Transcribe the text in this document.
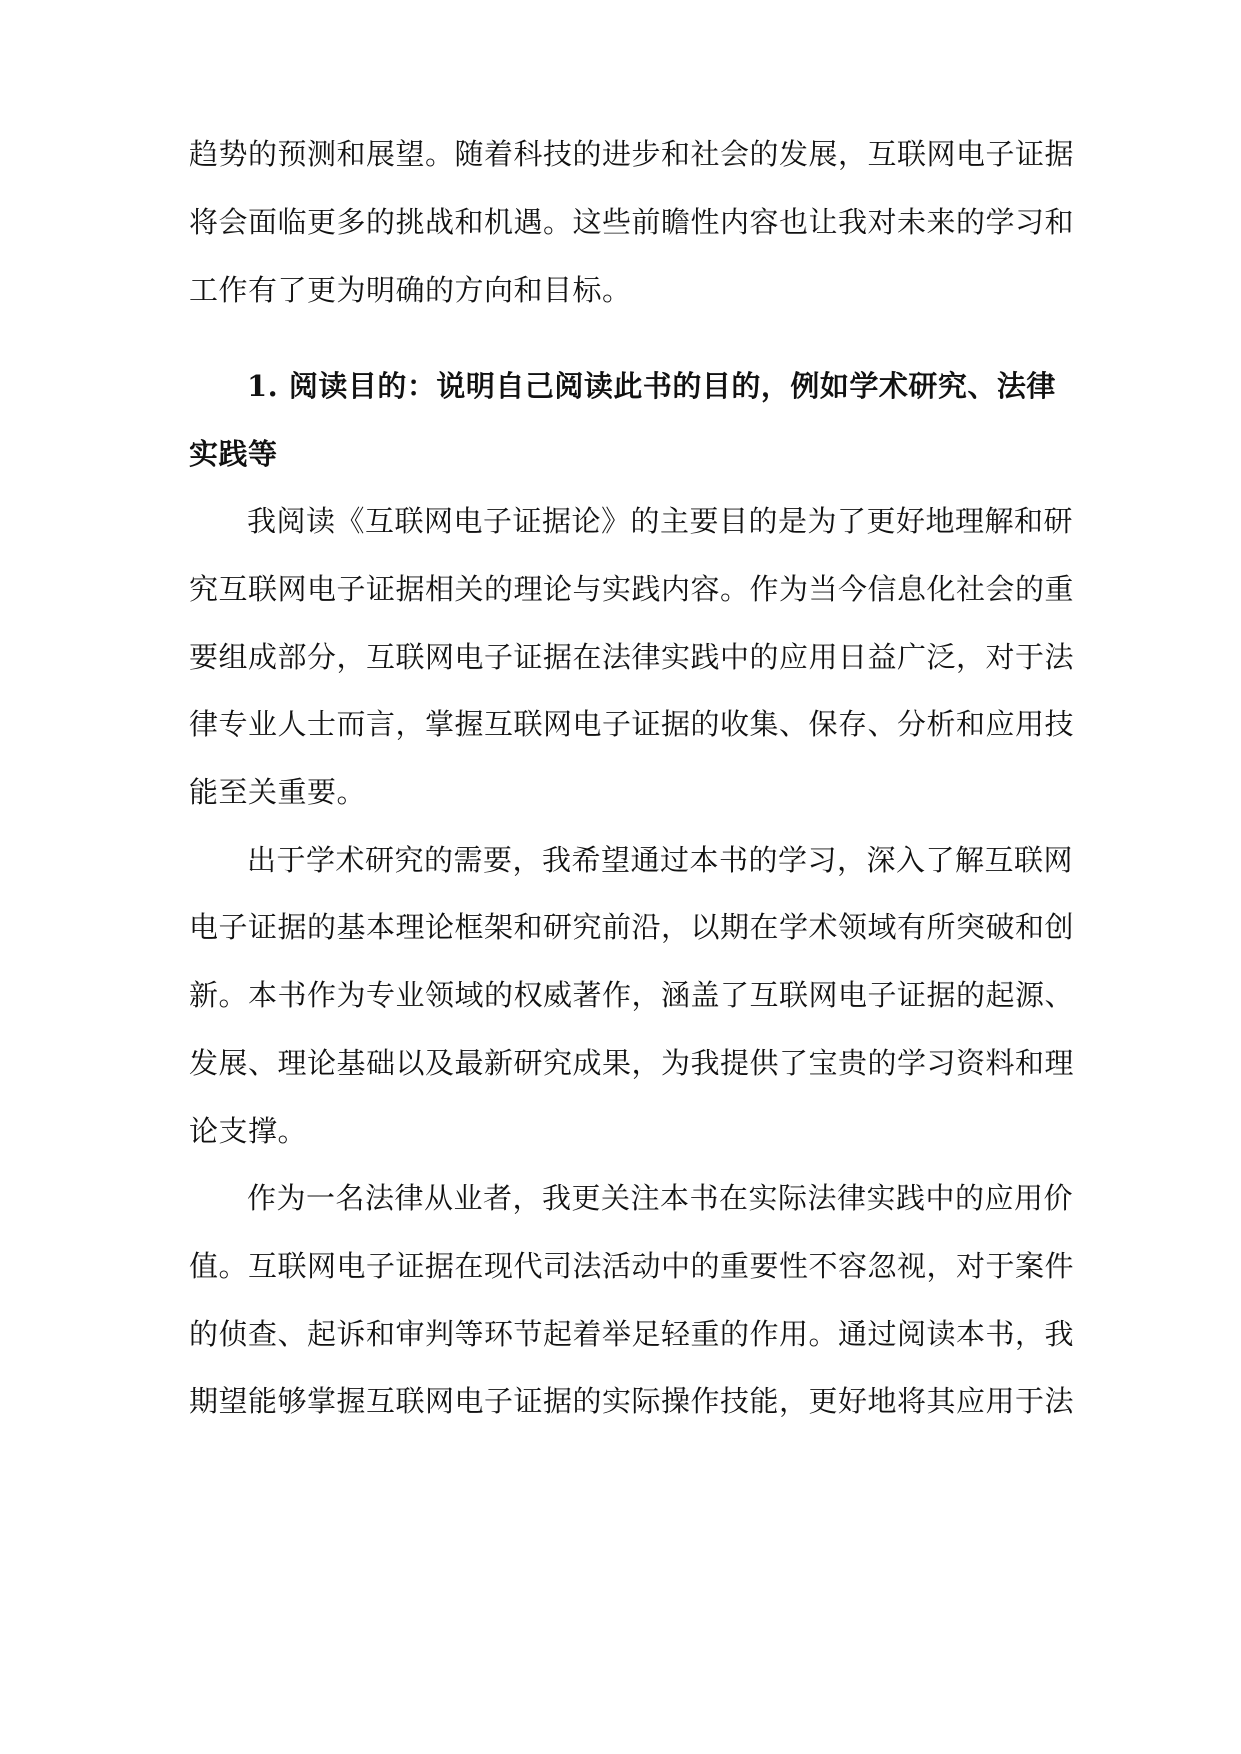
趋势的预测和展望。随着科技的进步和社会的发展，互联网电子证据
将会面临更多的挑战和机遇。这些前瞻性内容也让我对未来的学习和
工作有了更为明确的方向和目标。
1. 阅读目的：说明自己阅读此书的目的，例如学术研究、法律
实践等
我阅读《互联网电子证据论》的主要目的是为了更好地理解和研
究互联网电子证据相关的理论与实践内容。作为当今信息化社会的重
要组成部分，互联网电子证据在法律实践中的应用日益广泛，对于法
律专业人士而言，掌握互联网电子证据的收集、保存、分析和应用技
能至关重要。
出于学术研究的需要，我希望通过本书的学习，深入了解互联网
电子证据的基本理论框架和研究前沿，以期在学术领域有所突破和创
新。本书作为专业领域的权威著作，涵盖了互联网电子证据的起源、
发展、理论基础以及最新研究成果，为我提供了宝贵的学习资料和理
论支撑。
作为一名法律从业者，我更关注本书在实际法律实践中的应用价
值。互联网电子证据在现代司法活动中的重要性不容忽视，对于案件
的侦查、起诉和审判等环节起着举足轻重的作用。通过阅读本书，我
期望能够掌握互联网电子证据的实际操作技能，更好地将其应用于法
